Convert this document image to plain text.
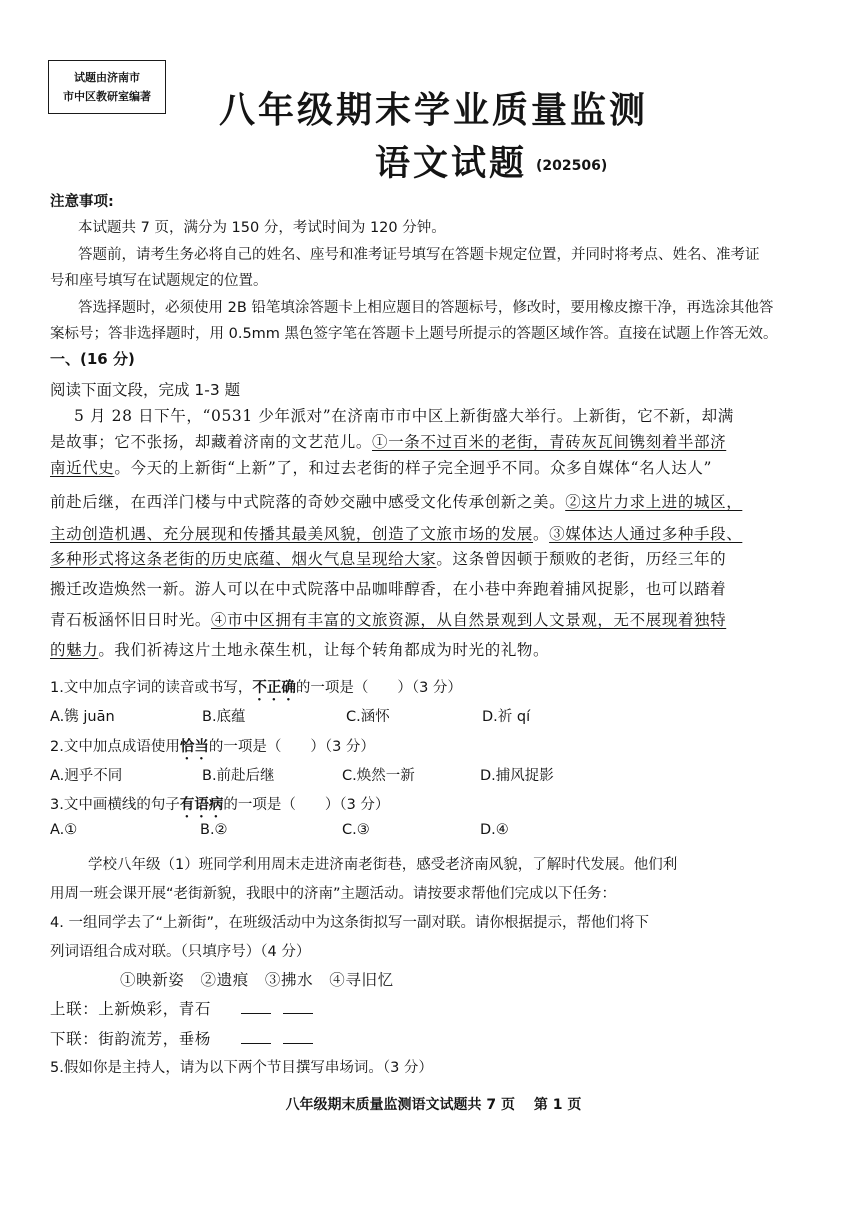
试题由济南市
市中区教研室编著	八年级期末学业质量监测
语文试题 (202506)
注意事项:
本试题共 7 页，满分为 150 分，考试时间为 120 分钟。
答题前，请考生务必将自己的姓名、座号和准考证号填写在答题卡规定位置，并同时将考点、姓名、准考证
号和座号填写在试题规定的位置。
答选择题时，必须使用 2B 铅笔填涂答题卡上相应题目的答题标号，修改时，要用橡皮擦干净，再选涂其他答
案标号；答非选择题时，用 0.5mm 黑色签字笔在答题卡上题号所提示的答题区域作答。直接在试题上作答无效。
一、(16 分)
阅读下面文段，完成 1-3 题
5 月 28 日下午，“0531 少年派对”在济南市市中区上新街盛大举行。上新街，它不新，却满
是故事；它不张扬，却藏着济南的文艺范儿。①一条不过百米的老街，青砖灰瓦间镌刻着半部济
南近代史。今天的上新街“上新”了，和过去老街的样子完全迥乎不同。众多自媒体“名人达人”
前赴后继，在西洋门楼与中式院落的奇妙交融中感受文化传承创新之美。②这片力求上进的城区，
主动创造机遇、充分展现和传播其最美风貌，创造了文旅市场的发展。③媒体达人通过多种手段、
多种形式将这条老街的历史底蕴、烟火气息呈现给大家。这条曾因顿于颓败的老街，历经三年的
搬迁改造焕然一新。游人可以在中式院落中品咖啡醇香，在小巷中奔跑着捕风捉影，也可以踏着
青石板涵怀旧日时光。④市中区拥有丰富的文旅资源，从自然景观到人文景观，无不展现着独特
的魅力。我们祈祷这片土地永葆生机，让每个转角都成为时光的礼物。
1.文中加点字词的读音或书写，不正确的一项是（　　）（3 分）
A.镌 juān	B.底蕴	C.涵怀	D.祈 qí
2.文中加点成语使用恰当的一项是（　　）（3 分）
A.迥乎不同	B.前赴后继	C.焕然一新	D.捕风捉影
3.文中画横线的句子有语病的一项是（　　）（3 分）
A.①	B.②	C.③	D.④
学校八年级（1）班同学利用周末走进济南老街巷，感受老济南风貌，了解时代发展。他们利
用周一班会课开展“老街新貌，我眼中的济南”主题活动。请按要求帮他们完成以下任务：
4. 一组同学去了“上新街”，在班级活动中为这条街拟写一副对联。请你根据提示，帮他们将下
列词语组合成对联。（只填序号）（4 分）
①映新姿　②遗痕　③拂水　④寻旧忆
上联：上新焕彩，青石
下联：街韵流芳，垂杨
5.假如你是主持人，请为以下两个节目撰写串场词。（3 分）
八年级期末质量监测语文试题共 7 页　 第 1 页
